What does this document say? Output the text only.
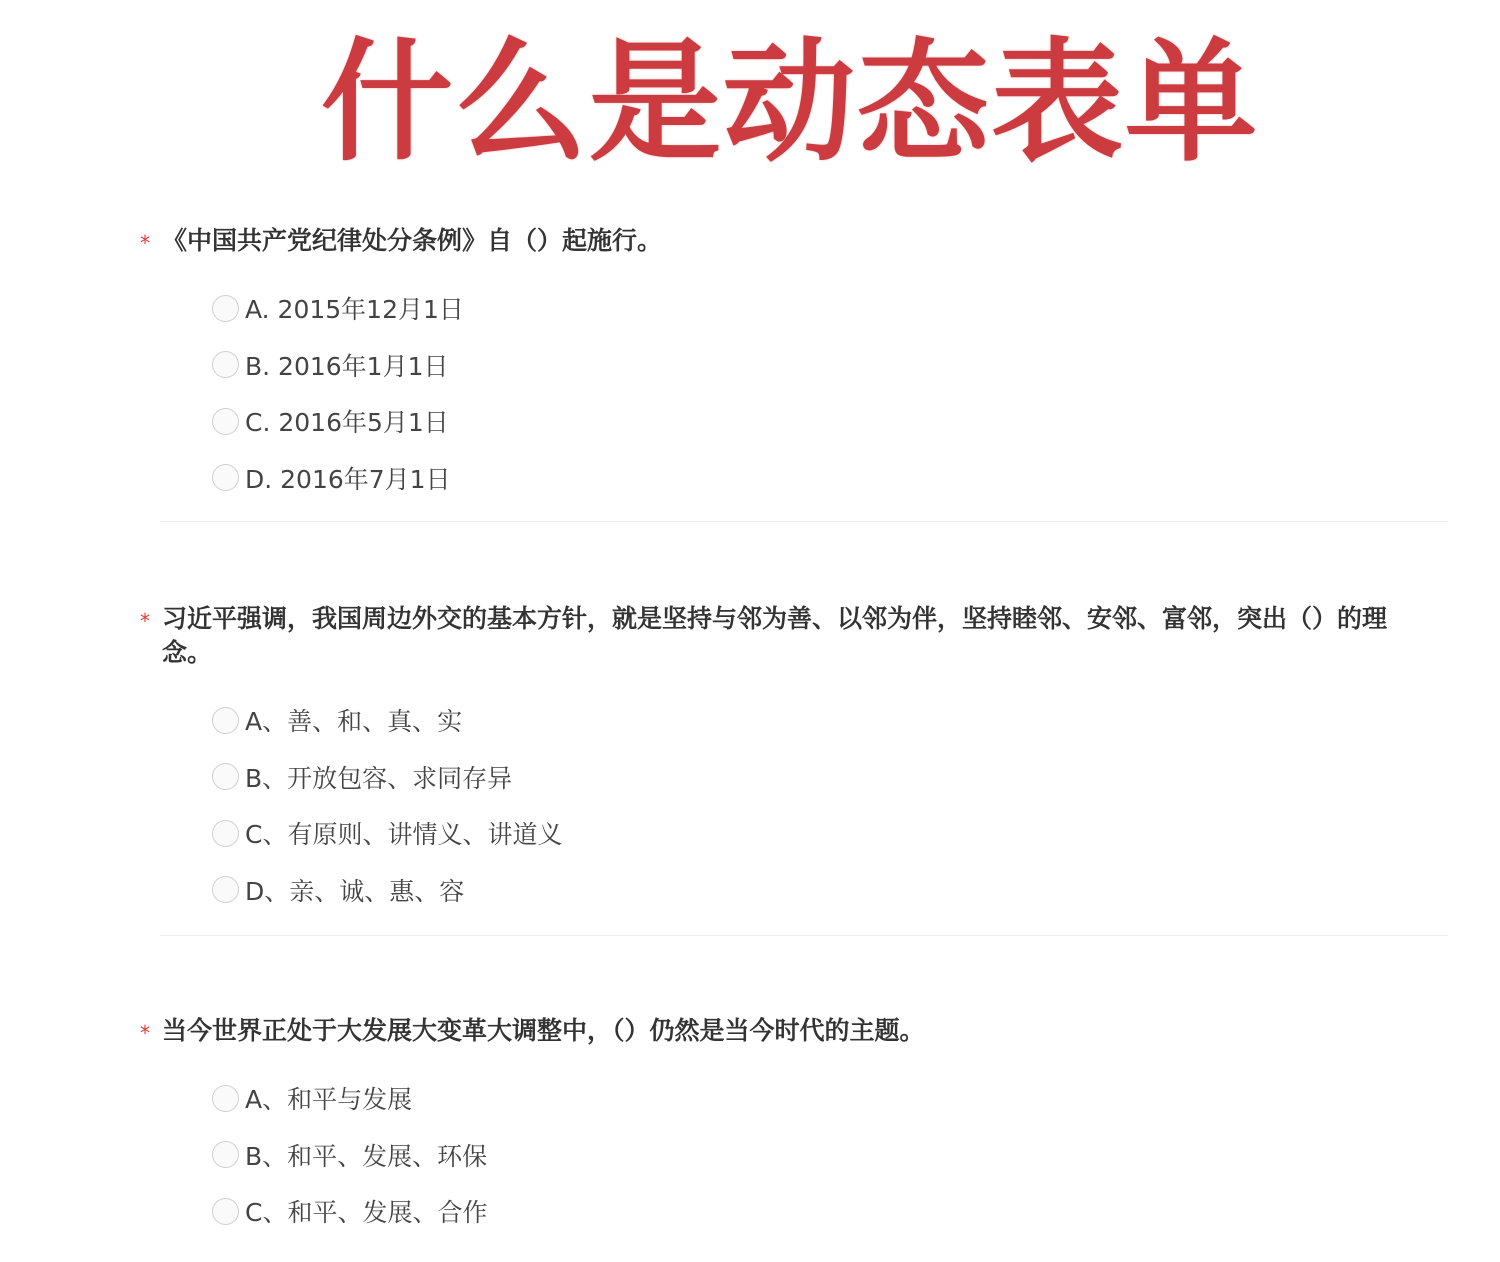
什么是动态表单
* 《中国共产党纪律处分条例》自（）起施行。
A. 2015年12月1日
B. 2016年1月1日
C. 2016年5月1日
D. 2016年7月1日
* 习近平强调，我国周边外交的基本方针，就是坚持与邻为善、以邻为伴，坚持睦邻、安邻、富邻，突出（）的理念。
A、善、和、真、实
B、开放包容、求同存异
C、有原则、讲情义、讲道义
D、亲、诚、惠、容
* 当今世界正处于大发展大变革大调整中，（）仍然是当今时代的主题。
A、和平与发展
B、和平、发展、环保
C、和平、发展、合作
